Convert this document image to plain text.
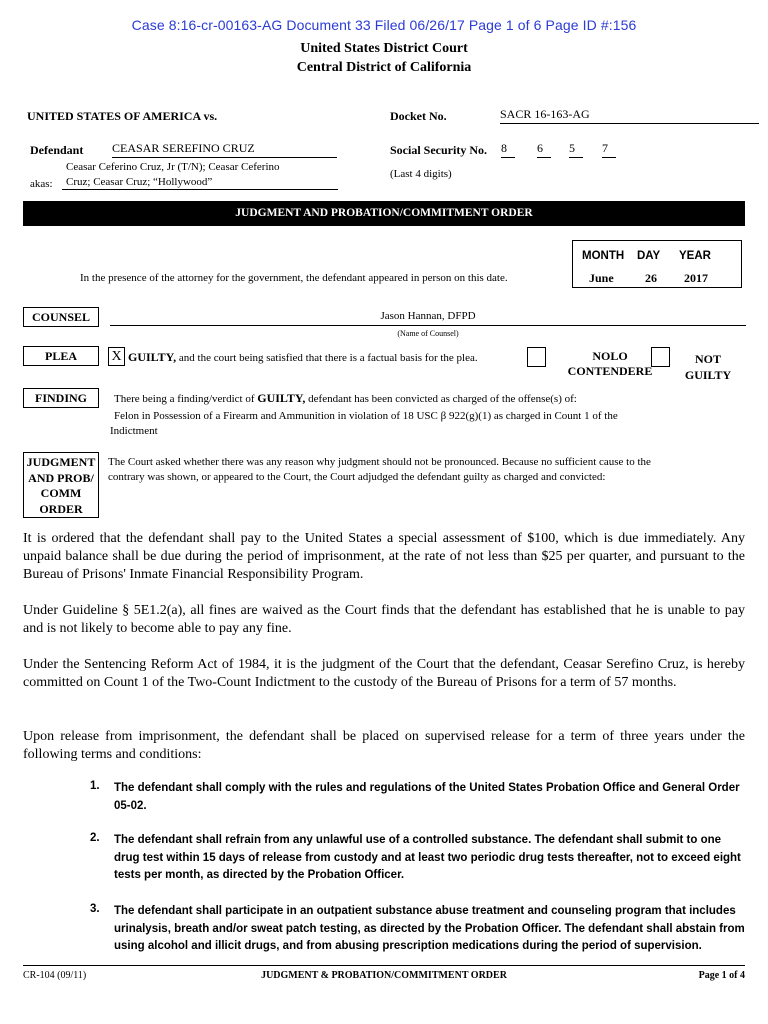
Case 8:16-cr-00163-AG Document 33 Filed 06/26/17 Page 1 of 6 Page ID #:156
United States District Court
Central District of California
UNITED STATES OF AMERICA vs.	Docket No.	SACR 16-163-AG
Defendant CEASAR SEREFINO CRUZ	Social Security No. 8	6	5	7
(Last 4 digits)
Ceasar Ceferino Cruz, Jr (T/N); Ceasar Ceferino
akas:	Cruz; Ceasar Cruz; “Hollywood”
JUDGMENT AND PROBATION/COMMITMENT ORDER
MONTH DAY YEAR
June	26 2017
In the presence of the attorney for the government, the defendant appeared in person on this date.
COUNSEL	Jason Hannan, DFPD
(Name of Counsel)
PLEA	X GUILTY, and the court being satisfied that there is a factual basis for the plea.	NOLO
CONTENDERE
NOT
GUILTY
FINDING	There being a finding/verdict of GUILTY, defendant has been convicted as charged of the offense(s) of:
Felon in Possession of a Firearm and Ammunition in violation of 18 USC β 922(g)(1) as charged in Count 1 of the
Indictment
JUDGMENT
AND PROB/
COMM
ORDER
The Court asked whether there was any reason why judgment should not be pronounced. Because no sufficient cause to the
contrary was shown, or appeared to the Court, the Court adjudged the defendant guilty as charged and convicted:
It is ordered that the defendant shall pay to the United States a special assessment of $100, which is due immediately. Any unpaid balance shall be due during the period of imprisonment, at the rate of not less than $25 per quarter, and pursuant to the Bureau of Prisons' Inmate Financial Responsibility Program.
Under Guideline § 5E1.2(a), all fines are waived as the Court finds that the defendant has established that he is unable to pay and is not likely to become able to pay any fine.
Under the Sentencing Reform Act of 1984, it is the judgment of the Court that the defendant, Ceasar Serefino Cruz, is hereby committed on Count 1 of the Two-Count Indictment to the custody of the Bureau of Prisons for a term of 57 months.
Upon release from imprisonment, the defendant shall be placed on supervised release for a term of three years under the following terms and conditions:
1. The defendant shall comply with the rules and regulations of the United States Probation Office and General Order 05-02.
2. The defendant shall refrain from any unlawful use of a controlled substance. The defendant shall submit to one drug test within 15 days of release from custody and at least two periodic drug tests thereafter, not to exceed eight tests per month, as directed by the Probation Officer.
3. The defendant shall participate in an outpatient substance abuse treatment and counseling program that includes urinalysis, breath and/or sweat patch testing, as directed by the Probation Officer. The defendant shall abstain from using alcohol and illicit drugs, and from abusing prescription medications during the period of supervision.
CR-104 (09/11)	JUDGMENT & PROBATION/COMMITMENT ORDER	Page 1 of 4
